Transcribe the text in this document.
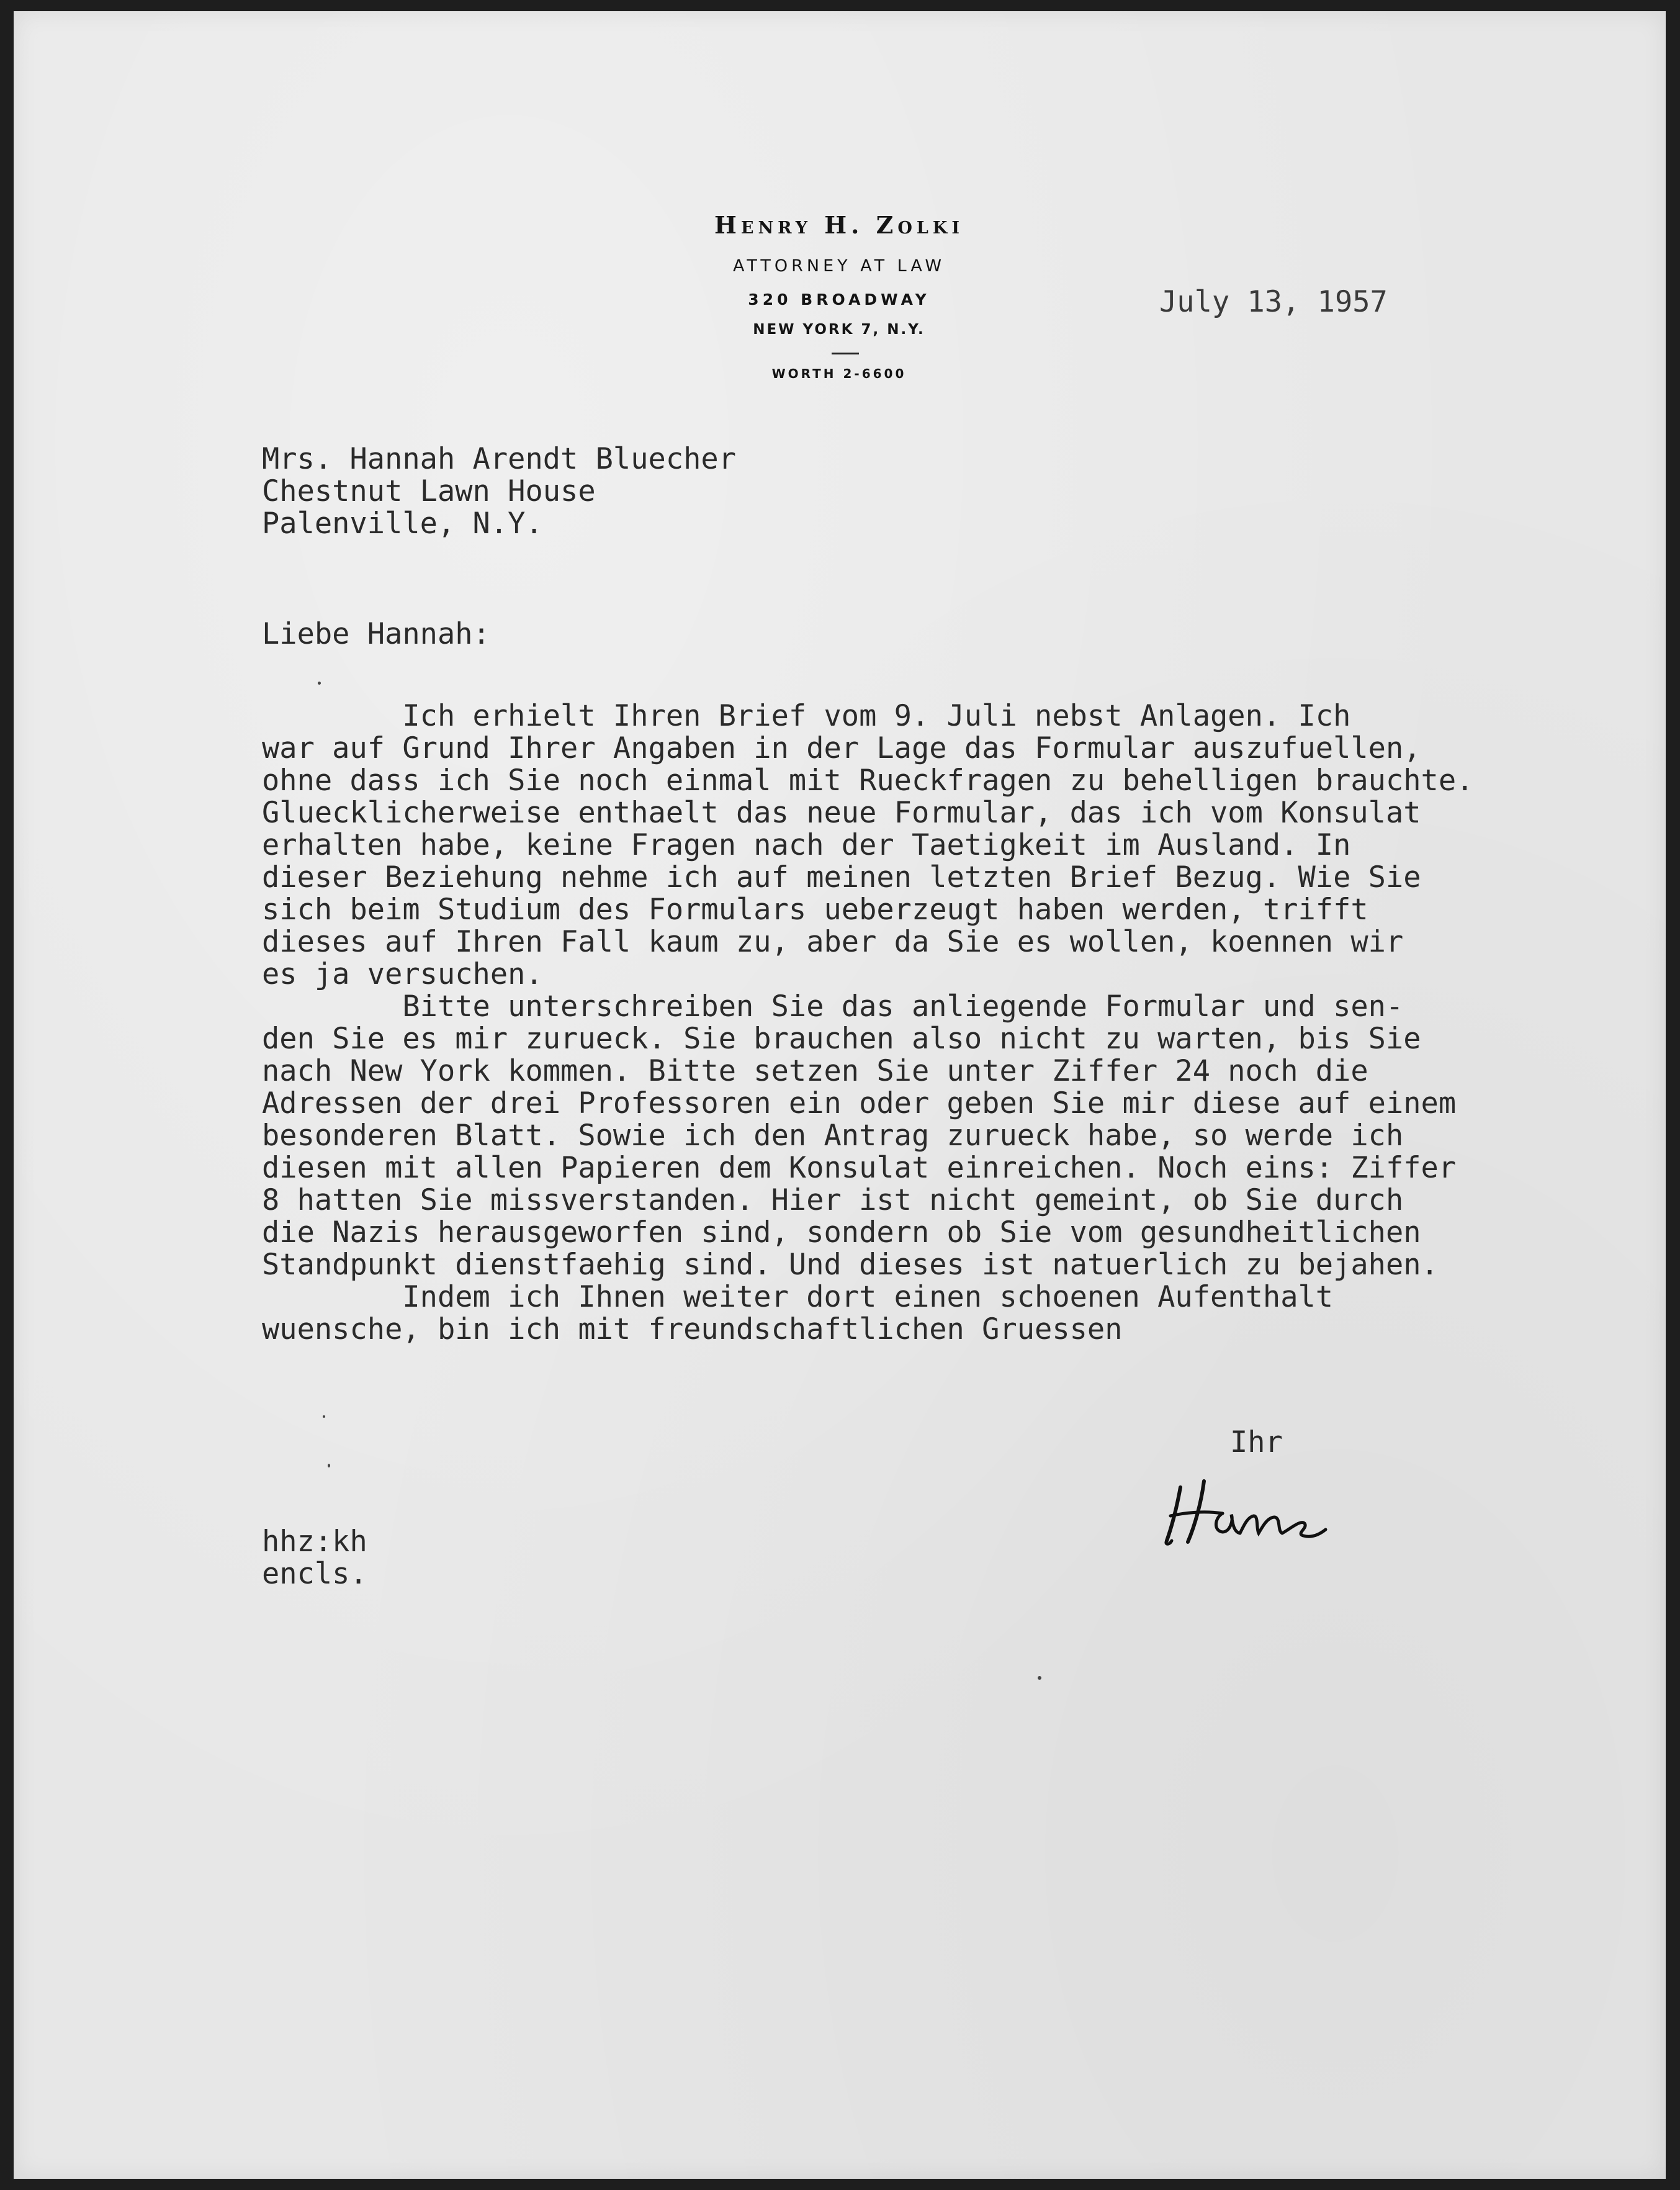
Henry H. Zolki

ATTORNEY AT LAW

320 BROADWAY

NEW YORK 7, N.Y.

WORTH 2-6600

July 13, 1957

Mrs. Hannah Arendt Bluecher

Chestnut Lawn House

Palenville, N.Y.

Liebe Hannah:

Ich erhielt Ihren Brief vom 9. Juli nebst Anlagen. Ich

war auf Grund Ihrer Angaben in der Lage das Formular auszufuellen,

ohne dass ich Sie noch einmal mit Rueckfragen zu behelligen brauchte.

Gluecklicherweise enthaelt das neue Formular, das ich vom Konsulat

erhalten habe, keine Fragen nach der Taetigkeit im Ausland. In

dieser Beziehung nehme ich auf meinen letzten Brief Bezug. Wie Sie

sich beim Studium des Formulars ueberzeugt haben werden, trifft

dieses auf Ihren Fall kaum zu, aber da Sie es wollen, koennen wir

es ja versuchen.

Bitte unterschreiben Sie das anliegende Formular und sen-

den Sie es mir zurueck. Sie brauchen also nicht zu warten, bis Sie

nach New York kommen. Bitte setzen Sie unter Ziffer 24 noch die

Adressen der drei Professoren ein oder geben Sie mir diese auf einem

besonderen Blatt. Sowie ich den Antrag zurueck habe, so werde ich

diesen mit allen Papieren dem Konsulat einreichen. Noch eins: Ziffer

8 hatten Sie missverstanden. Hier ist nicht gemeint, ob Sie durch

die Nazis herausgeworfen sind, sondern ob Sie vom gesundheitlichen

Standpunkt dienstfaehig sind. Und dieses ist natuerlich zu bejahen.

Indem ich Ihnen weiter dort einen schoenen Aufenthalt

wuensche, bin ich mit freundschaftlichen Gruessen

Ihr

hhz:kh

encls.
